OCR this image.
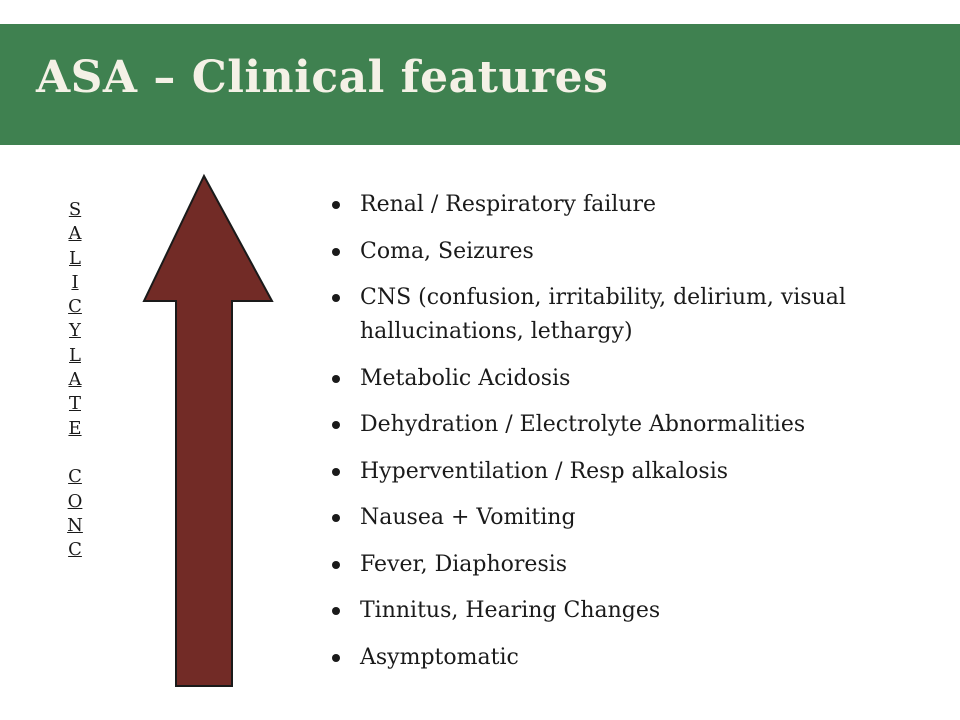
ASA – Clinical features
S
A
L
I
C
Y
L
A
T
E
C
O
N
C
Renal / Respiratory failure
Coma, Seizures
CNS (confusion, irritability, delirium, visual hallucinations, lethargy)
Metabolic Acidosis
Dehydration / Electrolyte Abnormalities
Hyperventilation / Resp alkalosis
Nausea + Vomiting
Fever, Diaphoresis
Tinnitus, Hearing Changes
Asymptomatic
